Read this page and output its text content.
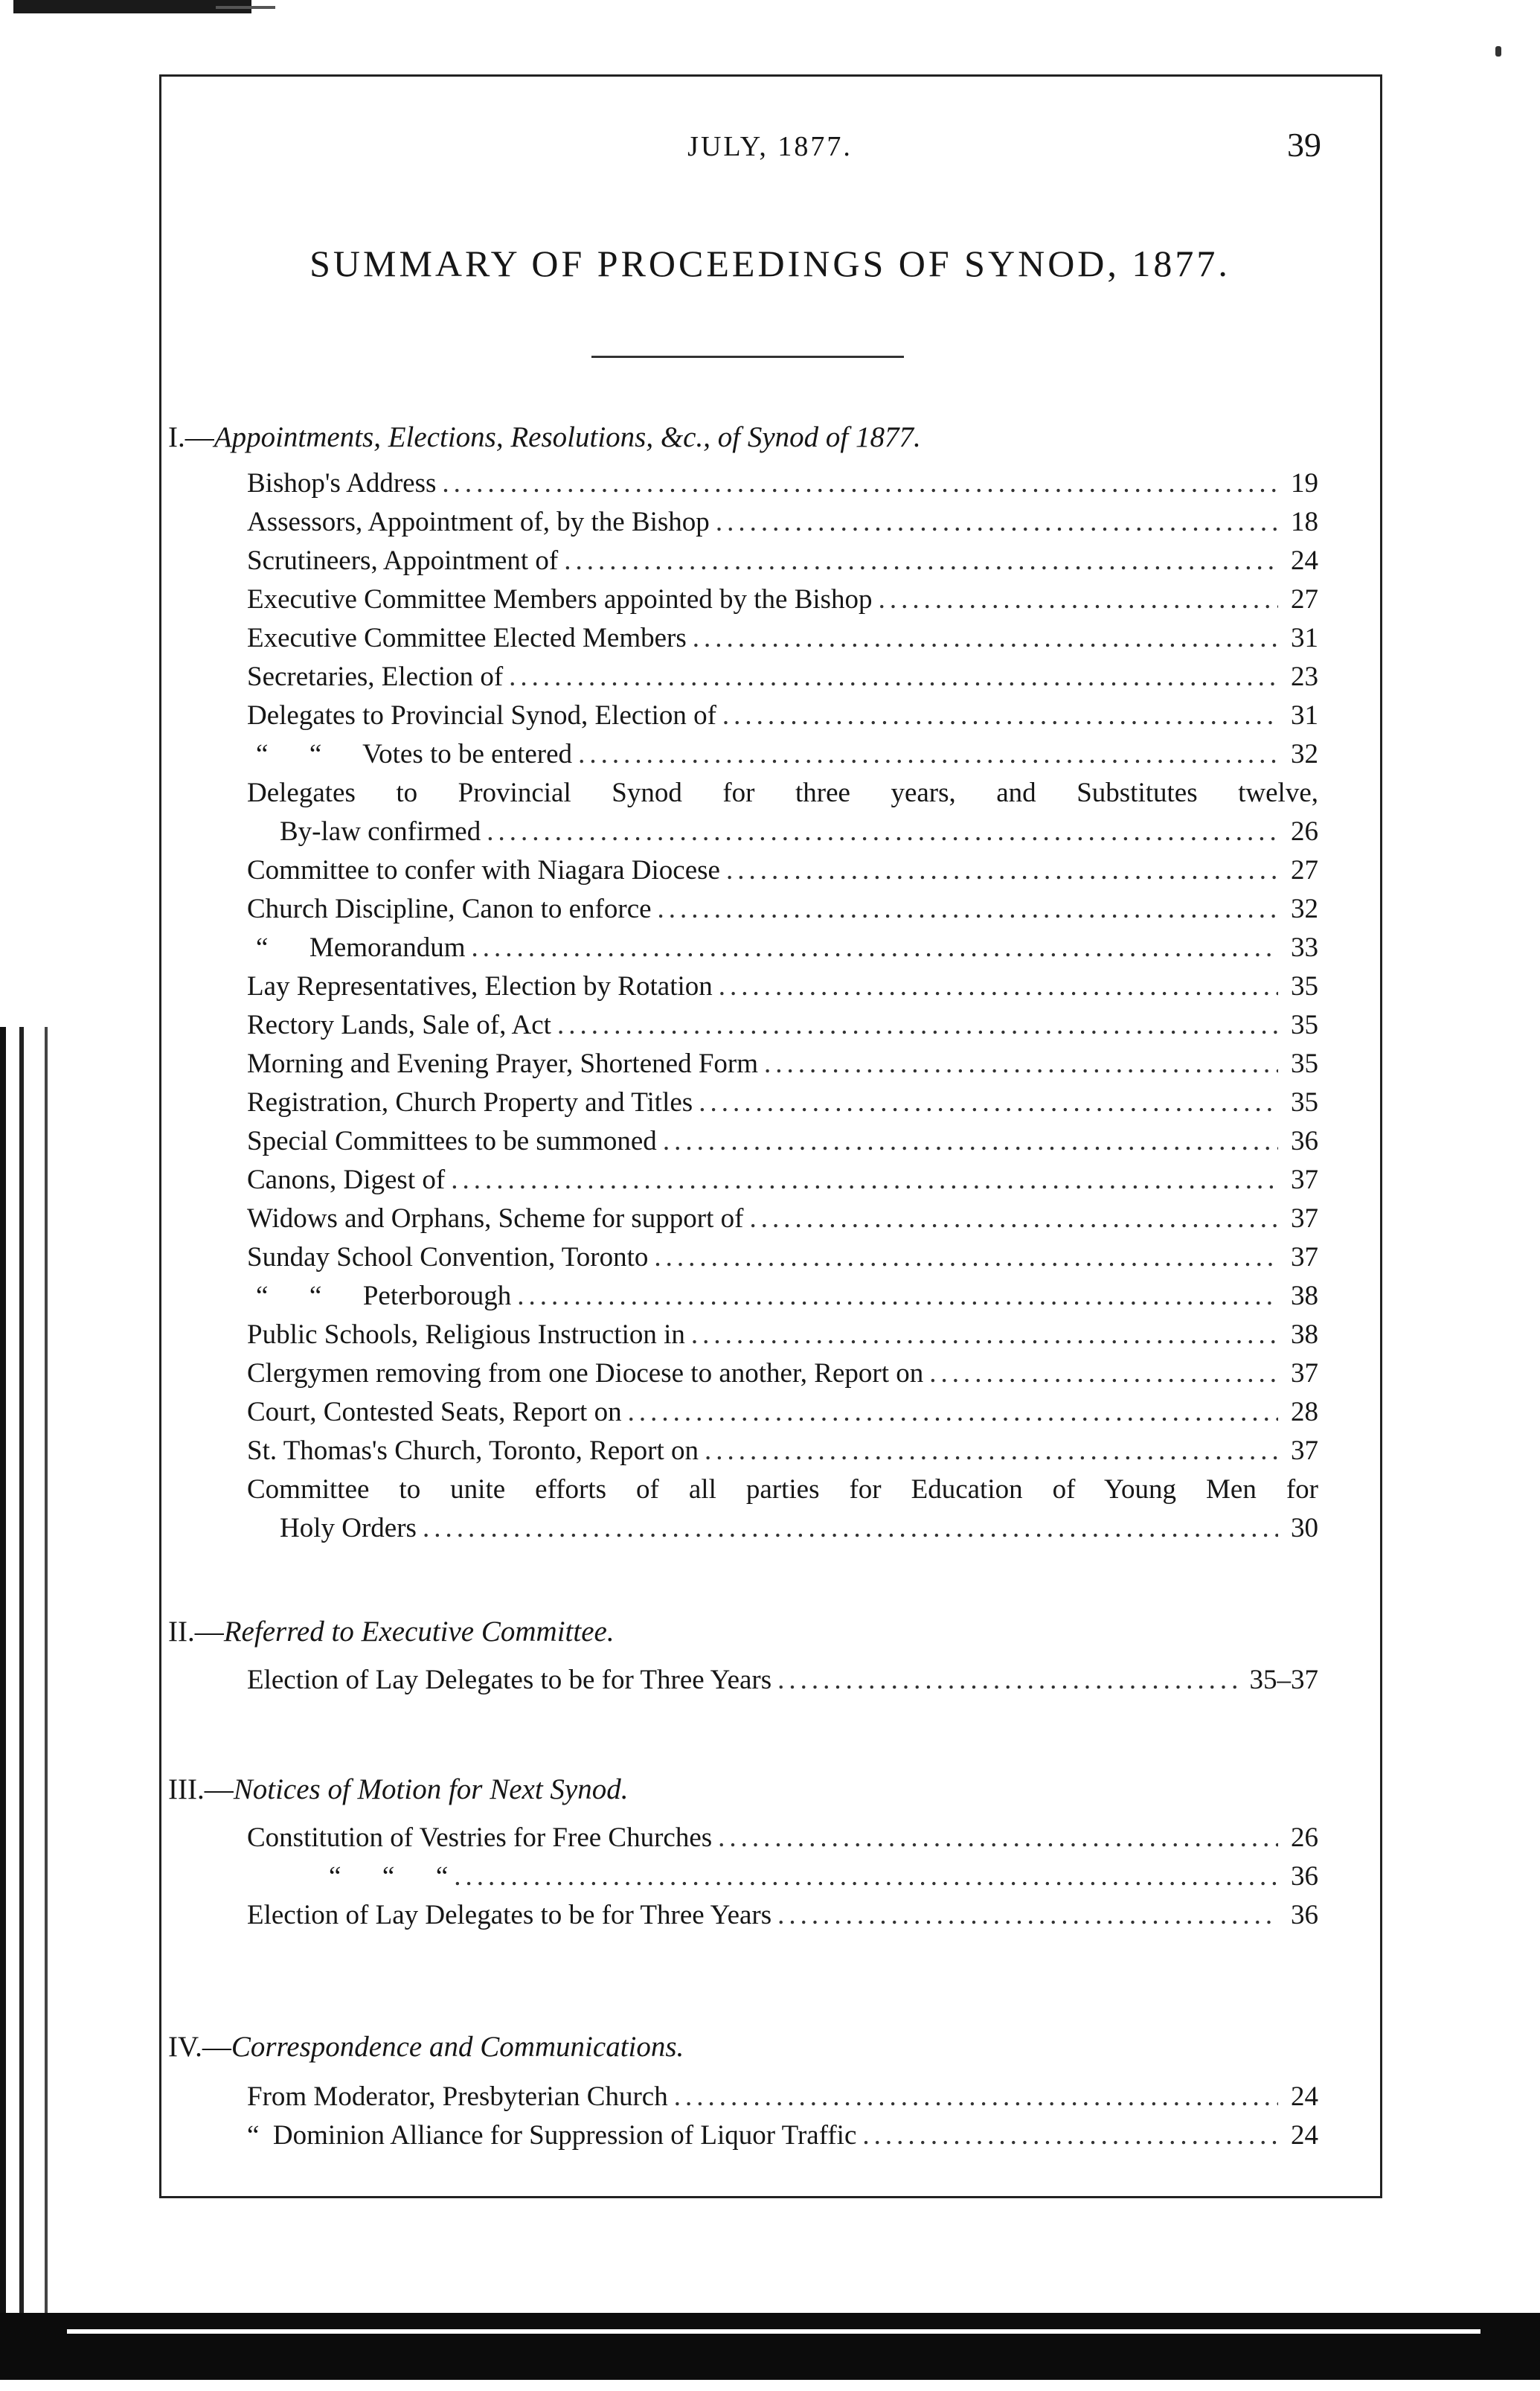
JULY, 1877.	39
SUMMARY OF PROCEEDINGS OF SYNOD, 1877.
I.—Appointments, Elections, Resolutions, &c., of Synod of 1877.
Bishop's Address .....	19
Assessors, Appointment of, by the Bishop .....	18
Scrutineers, Appointment of .....	24
Executive Committee Members appointed by the Bishop .....	27
Executive Committee Elected Members .....	31
Secretaries, Election of .....	23
Delegates to Provincial Synod, Election of .....	31
“      “      Votes to be entered .....	32
Delegates to Provincial Synod for three years, and Substitutes twelve,
By-law confirmed .....	26
Committee to confer with Niagara Diocese .....	27
Church Discipline, Canon to enforce .....	32
“      Memorandum .....	33
Lay Representatives, Election by Rotation .....	35
Rectory Lands, Sale of, Act .....	35
Morning and Evening Prayer, Shortened Form .....	35
Registration, Church Property and Titles .....	35
Special Committees to be summoned .....	36
Canons, Digest of .....	37
Widows and Orphans, Scheme for support of .....	37
Sunday School Convention, Toronto .....	37
“      “      Peterborough .....	38
Public Schools, Religious Instruction in .....	38
Clergymen removing from one Diocese to another, Report on .....	37
Court, Contested Seats, Report on .....	28
St. Thomas's Church, Toronto, Report on .....	37
Committee to unite efforts of all parties for Education of Young Men for
Holy Orders .....	30
II.—Referred to Executive Committee.
Election of Lay Delegates to be for Three Years .....	35–37
III.—Notices of Motion for Next Synod.
Constitution of Vestries for Free Churches .....	26
“      “      “ .....	36
Election of Lay Delegates to be for Three Years .....	36
IV.—Correspondence and Communications.
From Moderator, Presbyterian Church .....	24
“  Dominion Alliance for Suppression of Liquor Traffic .....	24
